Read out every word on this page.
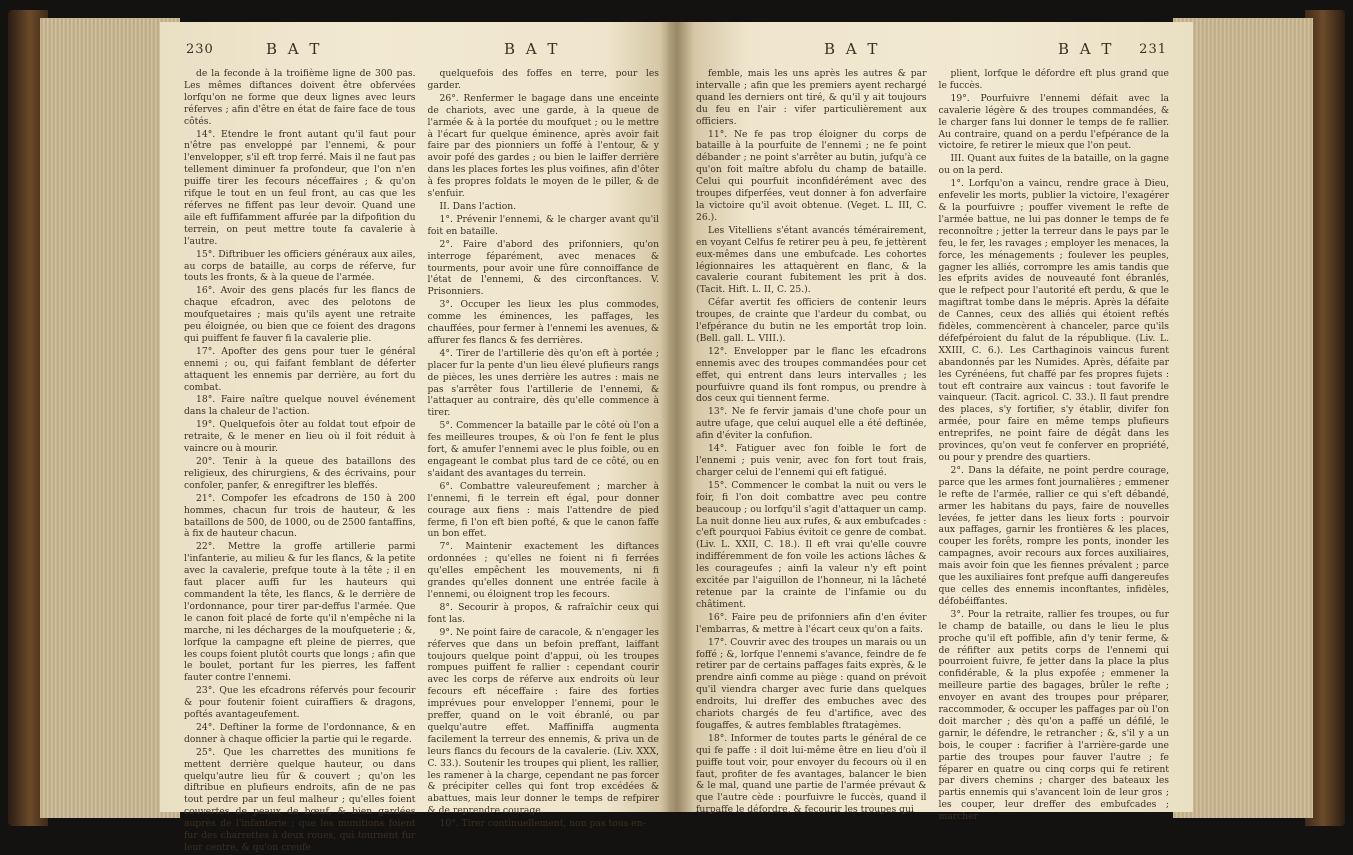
230	B A T	B A T

de la feconde à la troifième ligne de 300 pas. Les mêmes diftances doivent être obfervées lorfqu'on ne forme que deux lignes avec leurs réferves ; afin d'être en état de faire face de tous côtés.

14°. Etendre le front autant qu'il faut pour n'être pas enveloppé par l'ennemi, & pour l'envelopper, s'il eft trop ferré. Mais il ne faut pas tellement diminuer fa profondeur, que l'on n'en puiffe tirer les fecours néceffaires ; & qu'on rifque le tout en un feul front, au cas que les réferves ne fiffent pas leur devoir. Quand une aile eft fuffifamment affurée par la difpofition du terrein, on peut mettre toute fa cavalerie à l'autre.

15°. Diftribuer les officiers généraux aux ailes, au corps de bataille, au corps de réferve, fur touts les fronts, & à la queue de l'armée.

16°. Avoir des gens placés fur les flancs de chaque efcadron, avec des pelotons de moufquetaires ; mais qu'ils ayent une retraite peu éloignée, ou bien que ce foient des dragons qui puiffent fe fauver fi la cavalerie plie.

17°. Apofter des gens pour tuer le général ennemi ; ou, qui faifant femblant de déferter attaquent les ennemis par derrière, au fort du combat.

18°. Faire naître quelque nouvel événement dans la chaleur de l'action.

19°. Quelquefois ôter au foldat tout efpoir de retraite, & le mener en lieu où il foit réduit à vaincre ou à mourir.

20°. Tenir à la queue des bataillons des religieux, des chirurgiens, & des écrivains, pour confoler, panfer, & enregiftrer les bleffés.

21°. Compofer les efcadrons de 150 à 200 hommes, chacun fur trois de hauteur, & les bataillons de 500, de 1000, ou de 2500 fantaffins, à fix de hauteur chacun.

22°. Mettre la groffe artillerie parmi l'infanterie, au milieu & fur les flancs, & la petite avec la cavalerie, prefque toute à la tête ; il en faut placer auffi fur les hauteurs qui commandent la tête, les flancs, & le derrière de l'ordonnance, pour tirer par-deffus l'armée. Que le canon foit placé de forte qu'il n'empêche ni la marche, ni les décharges de la moufqueterie ; &, lorfque la campagne eft pleine de pierres, que les coups foient plutôt courts que longs ; afin que le boulet, portant fur les pierres, les faffent fauter contre l'ennemi.

23°. Que les efcadrons réfervés pour fecourir & pour foutenir foient cuiraffiers & dragons, poftés avantageufement.

24°. Deftiner la forme de l'ordonnance, & en donner à chaque officier la partie qui le regarde.

25°. Que les charrettes des munitions fe mettent derrière quelque hauteur, ou dans quelqu'autre lieu fûr & couvert ; qu'on les diftribue en plufieurs endroits, afin de ne pas tout perdre par un feul malheur ; qu'elles foient couvertes de peaux de bœuf, & bien gardées auprès de l'infanterie ; que les munitions foient fur des charrettes à deux roues, qui tournent fur leur centre, & qu'on creufe

quelquefois des foffes en terre, pour les garder.

26°. Renfermer le bagage dans une enceinte de chariots, avec une garde, à la queue de l'armée & à la portée du moufquet ; ou le mettre à l'écart fur quelque éminence, après avoir fait faire par des pionniers un foffé à l'entour, & y avoir pofé des gardes ; ou bien le laiffer derrière dans les places fortes les plus voifines, afin d'ôter à fes propres foldats le moyen de le piller, & de s'enfuir.

II. Dans l'action.

1°. Prévenir l'ennemi, & le charger avant qu'il foit en bataille.

2°. Faire d'abord des prifonniers, qu'on interroge féparément, avec menaces & tourments, pour avoir une fûre connoiffance de l'état de l'ennemi, & des circonftances. V. Prisonniers.

3°. Occuper les lieux les plus commodes, comme les éminences, les paffages, les chauffées, pour fermer à l'ennemi les avenues, & affurer fes flancs & fes derrières.

4°. Tirer de l'artillerie dès qu'on eft à portée ; placer fur la pente d'un lieu élevé plufieurs rangs de pièces, les unes derrière les autres : mais ne pas s'arrêter fous l'artillerie de l'ennemi, & l'attaquer au contraire, dès qu'elle commence à tirer.

5°. Commencer la bataille par le côté où l'on a fes meilleures troupes, & où l'on fe fent le plus fort, & amufer l'ennemi avec le plus foible, ou en engageant le combat plus tard de ce côté, ou en s'aidant des avantages du terrein.

6°. Combattre valeureufement ; marcher à l'ennemi, fi le terrein eft égal, pour donner courage aux fiens : mais l'attendre de pied ferme, fi l'on eft bien pofté, & que le canon faffe un bon effet.

7°. Maintenir exactement les diftances ordonnées ; qu'elles ne foient ni fi ferrées qu'elles empêchent les mouvements, ni fi grandes qu'elles donnent une entrée facile à l'ennemi, ou éloignent trop les fecours.

8°. Secourir à propos, & rafraîchir ceux qui font las.

9°. Ne point faire de caracole, & n'engager les réferves que dans un befoin preffant, laiffant toujours quelque point d'appui, où les troupes rompues puiffent fe rallier : cependant courir avec les corps de réferve aux endroits où leur fecours eft néceffaire : faire des forties imprévues pour envelopper l'ennemi, pour le preffer, quand on le voit ébranlé, ou par quelqu'autre effet. Maffiniffa augmenta facilement la terreur des ennemis, & priva un de leurs flancs du fecours de la cavalerie. (Liv. XXX, C. 33.). Soutenir les troupes qui plient, les rallier, les ramener à la charge, cependant ne pas forcer & précipiter celles qui font trop excédées & abattues, mais leur donner le temps de refpirer & de reprendre courage.

10°. Tirer continuellement, non pas tous en-

B A T	B A T 231

femble, mais les uns après les autres & par intervalle ; afin que les premiers ayent rechargé quand les derniers ont tiré, & qu'il y ait toujours du feu en l'air : vifer particulièrement aux officiers.

11°. Ne fe pas trop éloigner du corps de bataille à la pourfuite de l'ennemi ; ne fe point débander ; ne point s'arrêter au butin, jufqu'à ce qu'on foit maître abfolu du champ de bataille. Celui qui pourfuit inconfidérément avec des troupes difperfées, veut donner à fon adverfaire la victoire qu'il avoit obtenue. (Veget. L. III, C. 26.).

Les Vitelliens s'étant avancés témérairement, en voyant Celfus fe retirer peu à peu, fe jettèrent eux-mêmes dans une embufcade. Les cohortes légionnaires les attaquèrent en flanc, & la cavalerie courant fubitement les prit à dos. (Tacit. Hift. L. II, C. 25.).

Céfar avertit fes officiers de contenir leurs troupes, de crainte que l'ardeur du combat, ou l'efpérance du butin ne les emportât trop loin. (Bell. gall. L. VIII.).

12°. Envelopper par le flanc les efcadrons ennemis avec des troupes commandées pour cet effet, qui entrent dans leurs intervalles ; les pourfuivre quand ils font rompus, ou prendre à dos ceux qui tiennent ferme.

13°. Ne fe fervir jamais d'une chofe pour un autre ufage, que celui auquel elle a été deftinée, afin d'éviter la confufion.

14°. Fatiguer avec fon foible le fort de l'ennemi ; puis venir, avec fon fort tout frais, charger celui de l'ennemi qui eft fatigué.

15°. Commencer le combat la nuit ou vers le foir, fi l'on doit combattre avec peu contre beaucoup ; ou lorfqu'il s'agit d'attaquer un camp. La nuit donne lieu aux rufes, & aux embufcades : c'eft pourquoi Fabius évitoit ce genre de combat. (Liv. L. XXII, C. 18.). Il eft vrai qu'elle couvre indifféremment de fon voile les actions lâches & les courageufes ; ainfi la valeur n'y eft point excitée par l'aiguillon de l'honneur, ni la lâcheté retenue par la crainte de l'infamie ou du châtiment.

16°. Faire peu de prifonniers afin d'en éviter l'embarras, & mettre à l'écart ceux qu'on a faits.

17°. Couvrir avec des troupes un marais ou un foffé ; &, lorfque l'ennemi s'avance, feindre de fe retirer par de certains paffages faits exprès, & le prendre ainfi comme au piège : quand on prévoit qu'il viendra charger avec furie dans quelques endroits, lui dreffer des embuches avec des chariots chargés de feu d'artifice, avec des fougaffes, & autres femblables ftratagèmes.

18°. Informer de toutes parts le général de ce qui fe paffe : il doit lui-même être en lieu d'où il puiffe tout voir, pour envoyer du fecours où il en faut, profiter de fes avantages, balancer le bien & le mal, quand une partie de l'armée prévaut & que l'autre cède : pourfuivre le fuccès, quand il furpaffe le défordre, & fecourir les troupes qui

plient, lorfque le défordre eft plus grand que le fuccès.

19°. Pourfuivre l'ennemi défait avec la cavalerie légère & des troupes commandées, & le charger fans lui donner le temps de fe rallier. Au contraire, quand on a perdu l'efpérance de la victoire, fe retirer le mieux que l'on peut.

III. Quant aux fuites de la bataille, on la gagne ou on la perd.

1°. Lorfqu'on a vaincu, rendre grace à Dieu, enfevelir les morts, publier la victoire, l'exagérer & la pourfuivre ; pouffer vivement le refte de l'armée battue, ne lui pas donner le temps de fe reconnoître ; jetter la terreur dans le pays par le feu, le fer, les ravages ; employer les menaces, la force, les ménagements ; foulever les peuples, gagner les alliés, corrompre les amis tandis que les efprits avides de nouveauté font ébranlés, que le refpect pour l'autorité eft perdu, & que le magiftrat tombe dans le mépris. Après la défaite de Cannes, ceux des alliés qui étoient reftés fidèles, commencèrent à chanceler, parce qu'ils défefpéroient du falut de la république. (Liv. L. XXIII, C. 6.). Les Carthaginois vaincus furent abandonnés par les Numides. Après, défaite par les Cyrénéens, fut chaffé par fes propres fujets : tout eft contraire aux vaincus : tout favorife le vainqueur. (Tacit. agricol. C. 33.). Il faut prendre des places, s'y fortifier, s'y établir, divifer fon armée, pour faire en même temps plufieurs entreprifes, ne point faire de dégât dans les provinces, qu'on veut fe conferver en propriété, ou pour y prendre des quartiers.

2°. Dans la défaite, ne point perdre courage, parce que les armes font journalières ; emmener le refte de l'armée, rallier ce qui s'eft débandé, armer les habitans du pays, faire de nouvelles levées, fe jetter dans les lieux forts : pourvoir aux paffages, garnir les frontières & les places, couper les forêts, rompre les ponts, inonder les campagnes, avoir recours aux forces auxiliaires, mais avoir foin que les fiennes prévalent ; parce que les auxiliaires font prefque auffi dangereufes que celles des ennemis inconftantes, infidèles, défobéiffantes.

3°. Pour la retraite, rallier fes troupes, ou fur le champ de bataille, ou dans le lieu le plus proche qu'il eft poffible, afin d'y tenir ferme, & de réfifter aux petits corps de l'ennemi qui pourroient fuivre, fe jetter dans la place la plus confidérable, & la plus expofée ; emmener la meilleure partie des bagages, brûler le refte ; envoyer en avant des troupes pour préparer, raccommoder, & occuper les paffages par où l'on doit marcher ; dès qu'on a paffé un défilé, le garnir, le défendre, le retrancher ; &, s'il y a un bois, le couper : facrifier à l'arrière-garde une partie des troupes pour fauver l'autre ; fe féparer en quatre ou cinq corps qui fe retirent par divers chemins ; charger des bateaux les partis ennemis qui s'avancent loin de leur gros ; les couper, leur dreffer des embufcades ; marcher
